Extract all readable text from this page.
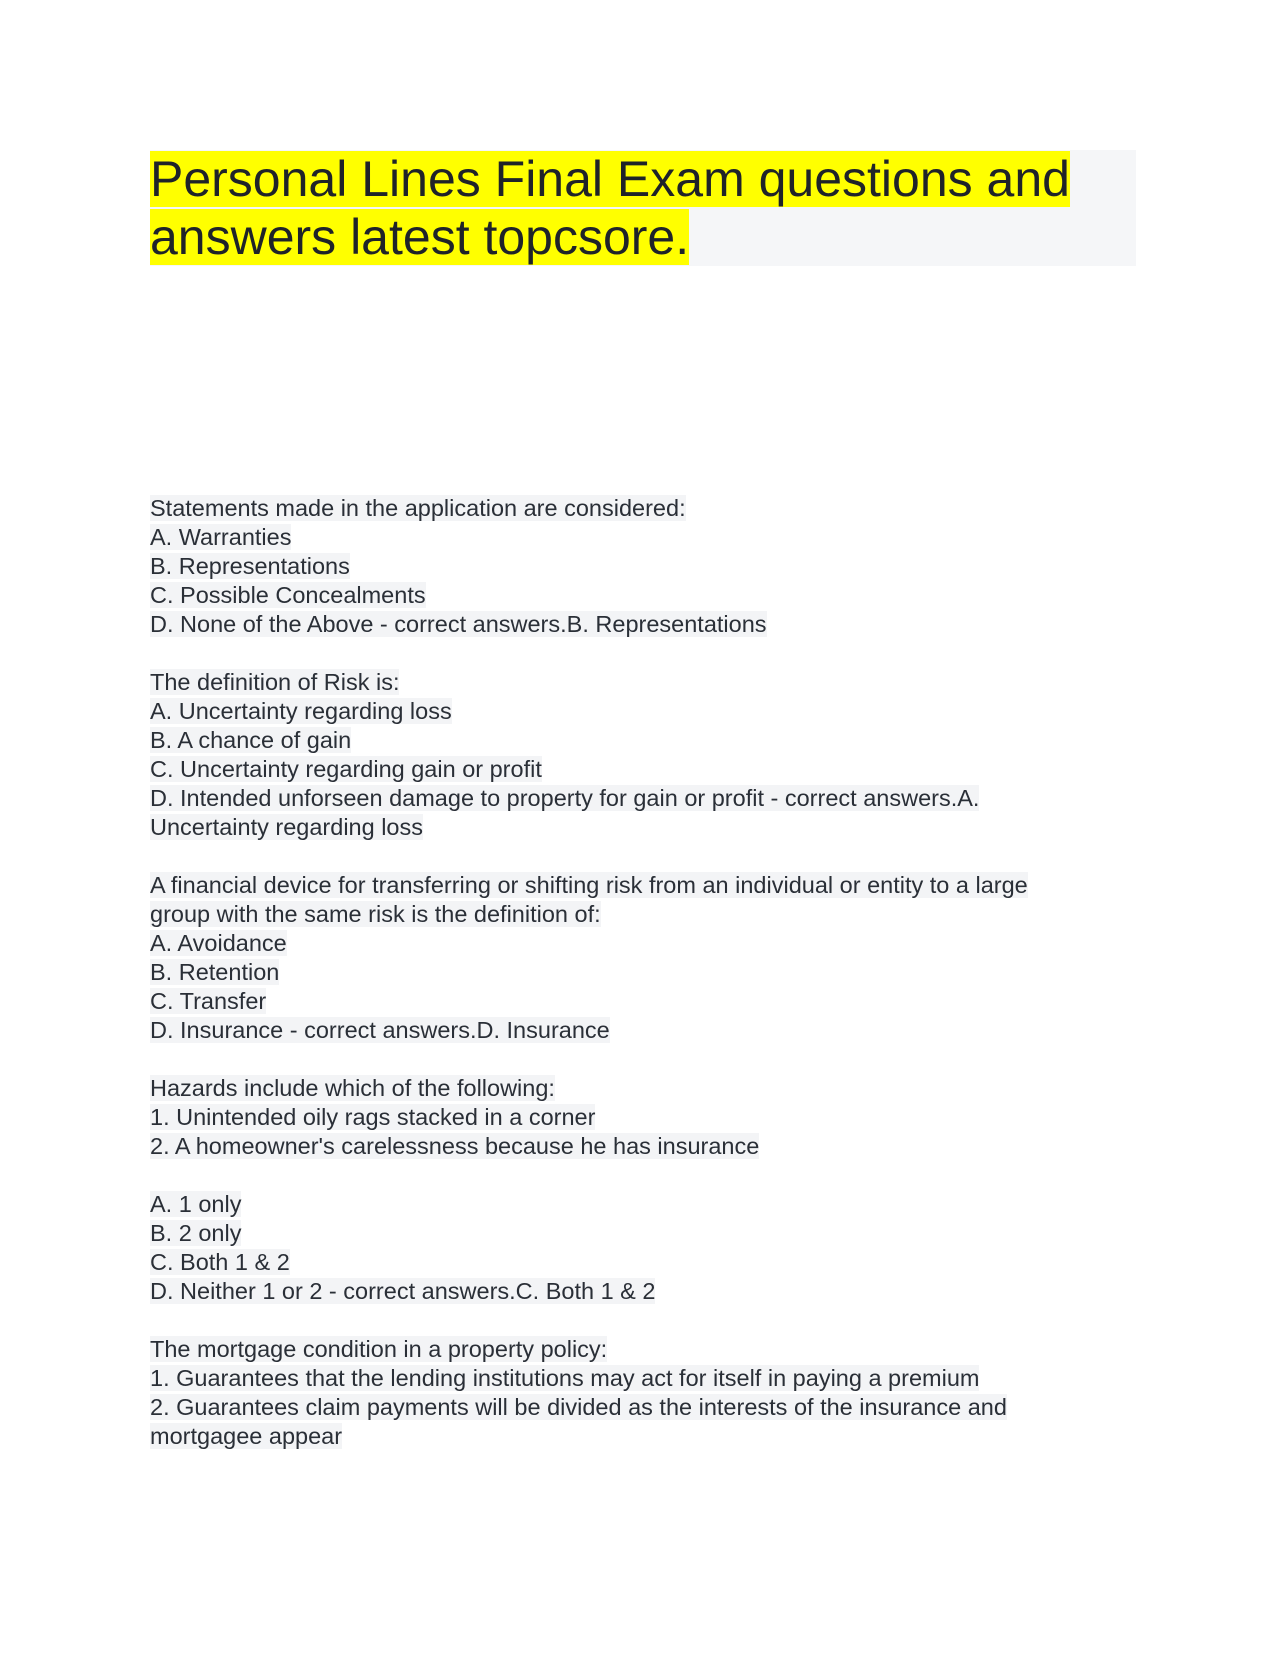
Personal Lines Final Exam questions and
answers latest topcsore.
Statements made in the application are considered:
A. Warranties
B. Representations
C. Possible Concealments
D. None of the Above - correct answers.B. Representations
The definition of Risk is:
A. Uncertainty regarding loss
B. A chance of gain
C. Uncertainty regarding gain or profit
D. Intended unforseen damage to property for gain or profit - correct answers.A.
Uncertainty regarding loss
A financial device for transferring or shifting risk from an individual or entity to a large
group with the same risk is the definition of:
A. Avoidance
B. Retention
C. Transfer
D. Insurance - correct answers.D. Insurance
Hazards include which of the following:
1. Unintended oily rags stacked in a corner
2. A homeowner's carelessness because he has insurance
A. 1 only
B. 2 only
C. Both 1 & 2
D. Neither 1 or 2 - correct answers.C. Both 1 & 2
The mortgage condition in a property policy:
1. Guarantees that the lending institutions may act for itself in paying a premium
2. Guarantees claim payments will be divided as the interests of the insurance and
mortgagee appear
